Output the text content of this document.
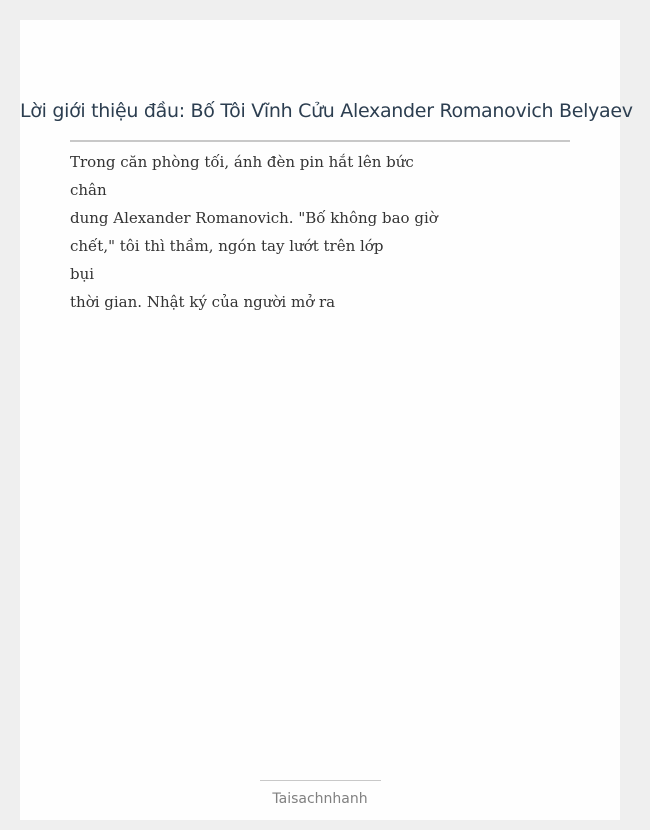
Lời giới thiệu đầu: Bố Tôi Vĩnh Cửu Alexander Romanovich Belyaev

Trong căn phòng tối, ánh đèn pin hắt lên bức
chân
dung Alexander Romanovich. "Bố không bao giờ
chết," tôi thì thầm, ngón tay lướt trên lớp
bụi
thời gian. Nhật ký của người mở ra

Taisachnhanh
